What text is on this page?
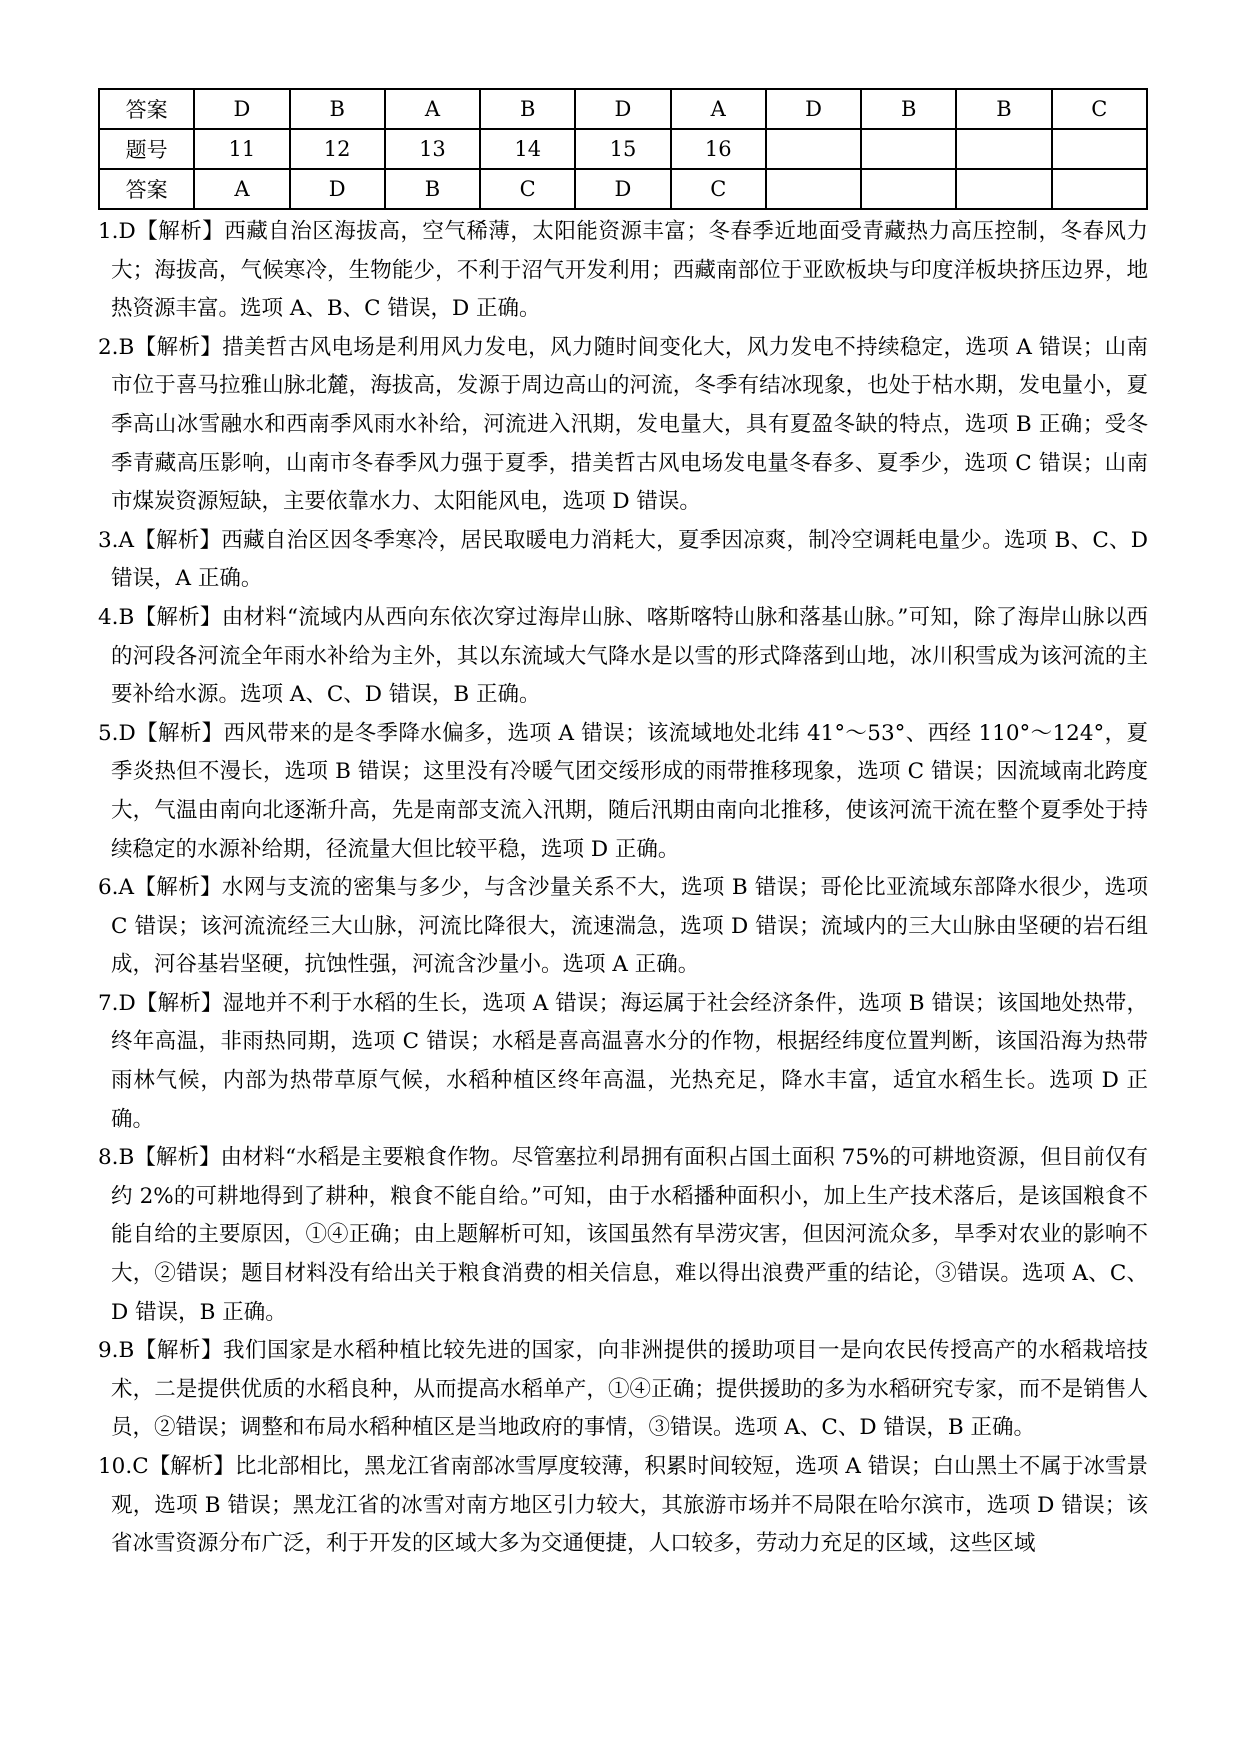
答案	D	B	A	B	D	A	D	B	B	C
题号	11	12	13	14	15	16				
答案	A	D	B	C	D	C				

1.D【解析】西藏自治区海拔高，空气稀薄，太阳能资源丰富；冬春季近地面受青藏热力高压控制，冬春风力大；海拔高，气候寒冷，生物能少，不利于沼气开发利用；西藏南部位于亚欧板块与印度洋板块挤压边界，地热资源丰富。选项 A、B、C 错误，D 正确。

2.B【解析】措美哲古风电场是利用风力发电，风力随时间变化大，风力发电不持续稳定，选项 A 错误；山南市位于喜马拉雅山脉北麓，海拔高，发源于周边高山的河流，冬季有结冰现象，也处于枯水期，发电量小，夏季高山冰雪融水和西南季风雨水补给，河流进入汛期，发电量大，具有夏盈冬缺的特点，选项 B 正确；受冬季青藏高压影响，山南市冬春季风力强于夏季，措美哲古风电场发电量冬春多、夏季少，选项 C 错误；山南市煤炭资源短缺，主要依靠水力、太阳能风电，选项 D 错误。

3.A【解析】西藏自治区因冬季寒冷，居民取暖电力消耗大，夏季因凉爽，制冷空调耗电量少。选项 B、C、D 错误，A 正确。

4.B【解析】由材料“流域内从西向东依次穿过海岸山脉、喀斯喀特山脉和落基山脉。”可知，除了海岸山脉以西的河段各河流全年雨水补给为主外，其以东流域大气降水是以雪的形式降落到山地，冰川积雪成为该河流的主要补给水源。选项 A、C、D 错误，B 正确。

5.D【解析】西风带来的是冬季降水偏多，选项 A 错误；该流域地处北纬 41°～53°、西经 110°～124°，夏季炎热但不漫长，选项 B 错误；这里没有冷暖气团交绥形成的雨带推移现象，选项 C 错误；因流域南北跨度大，气温由南向北逐渐升高，先是南部支流入汛期，随后汛期由南向北推移，使该河流干流在整个夏季处于持续稳定的水源补给期，径流量大但比较平稳，选项 D 正确。

6.A【解析】水网与支流的密集与多少，与含沙量关系不大，选项 B 错误；哥伦比亚流域东部降水很少，选项 C 错误；该河流流经三大山脉，河流比降很大，流速湍急，选项 D 错误；流域内的三大山脉由坚硬的岩石组成，河谷基岩坚硬，抗蚀性强，河流含沙量小。选项 A 正确。

7.D【解析】湿地并不利于水稻的生长，选项 A 错误；海运属于社会经济条件，选项 B 错误；该国地处热带，终年高温，非雨热同期，选项 C 错误；水稻是喜高温喜水分的作物，根据经纬度位置判断，该国沿海为热带雨林气候，内部为热带草原气候，水稻种植区终年高温，光热充足，降水丰富，适宜水稻生长。选项 D 正确。

8.B【解析】由材料“水稻是主要粮食作物。尽管塞拉利昂拥有面积占国土面积 75%的可耕地资源，但目前仅有约 2%的可耕地得到了耕种，粮食不能自给。”可知，由于水稻播种面积小，加上生产技术落后，是该国粮食不能自给的主要原因，①④正确；由上题解析可知，该国虽然有旱涝灾害，但因河流众多，旱季对农业的影响不大，②错误；题目材料没有给出关于粮食消费的相关信息，难以得出浪费严重的结论，③错误。选项 A、C、D 错误，B 正确。

9.B【解析】我们国家是水稻种植比较先进的国家，向非洲提供的援助项目一是向农民传授高产的水稻栽培技术，二是提供优质的水稻良种，从而提高水稻单产，①④正确；提供援助的多为水稻研究专家，而不是销售人员，②错误；调整和布局水稻种植区是当地政府的事情，③错误。选项 A、C、D 错误，B 正确。

10.C【解析】比北部相比，黑龙江省南部冰雪厚度较薄，积累时间较短，选项 A 错误；白山黑土不属于冰雪景观，选项 B 错误；黑龙江省的冰雪对南方地区引力较大，其旅游市场并不局限在哈尔滨市，选项 D 错误；该省冰雪资源分布广泛，利于开发的区域大多为交通便捷，人口较多，劳动力充足的区域，这些区域
